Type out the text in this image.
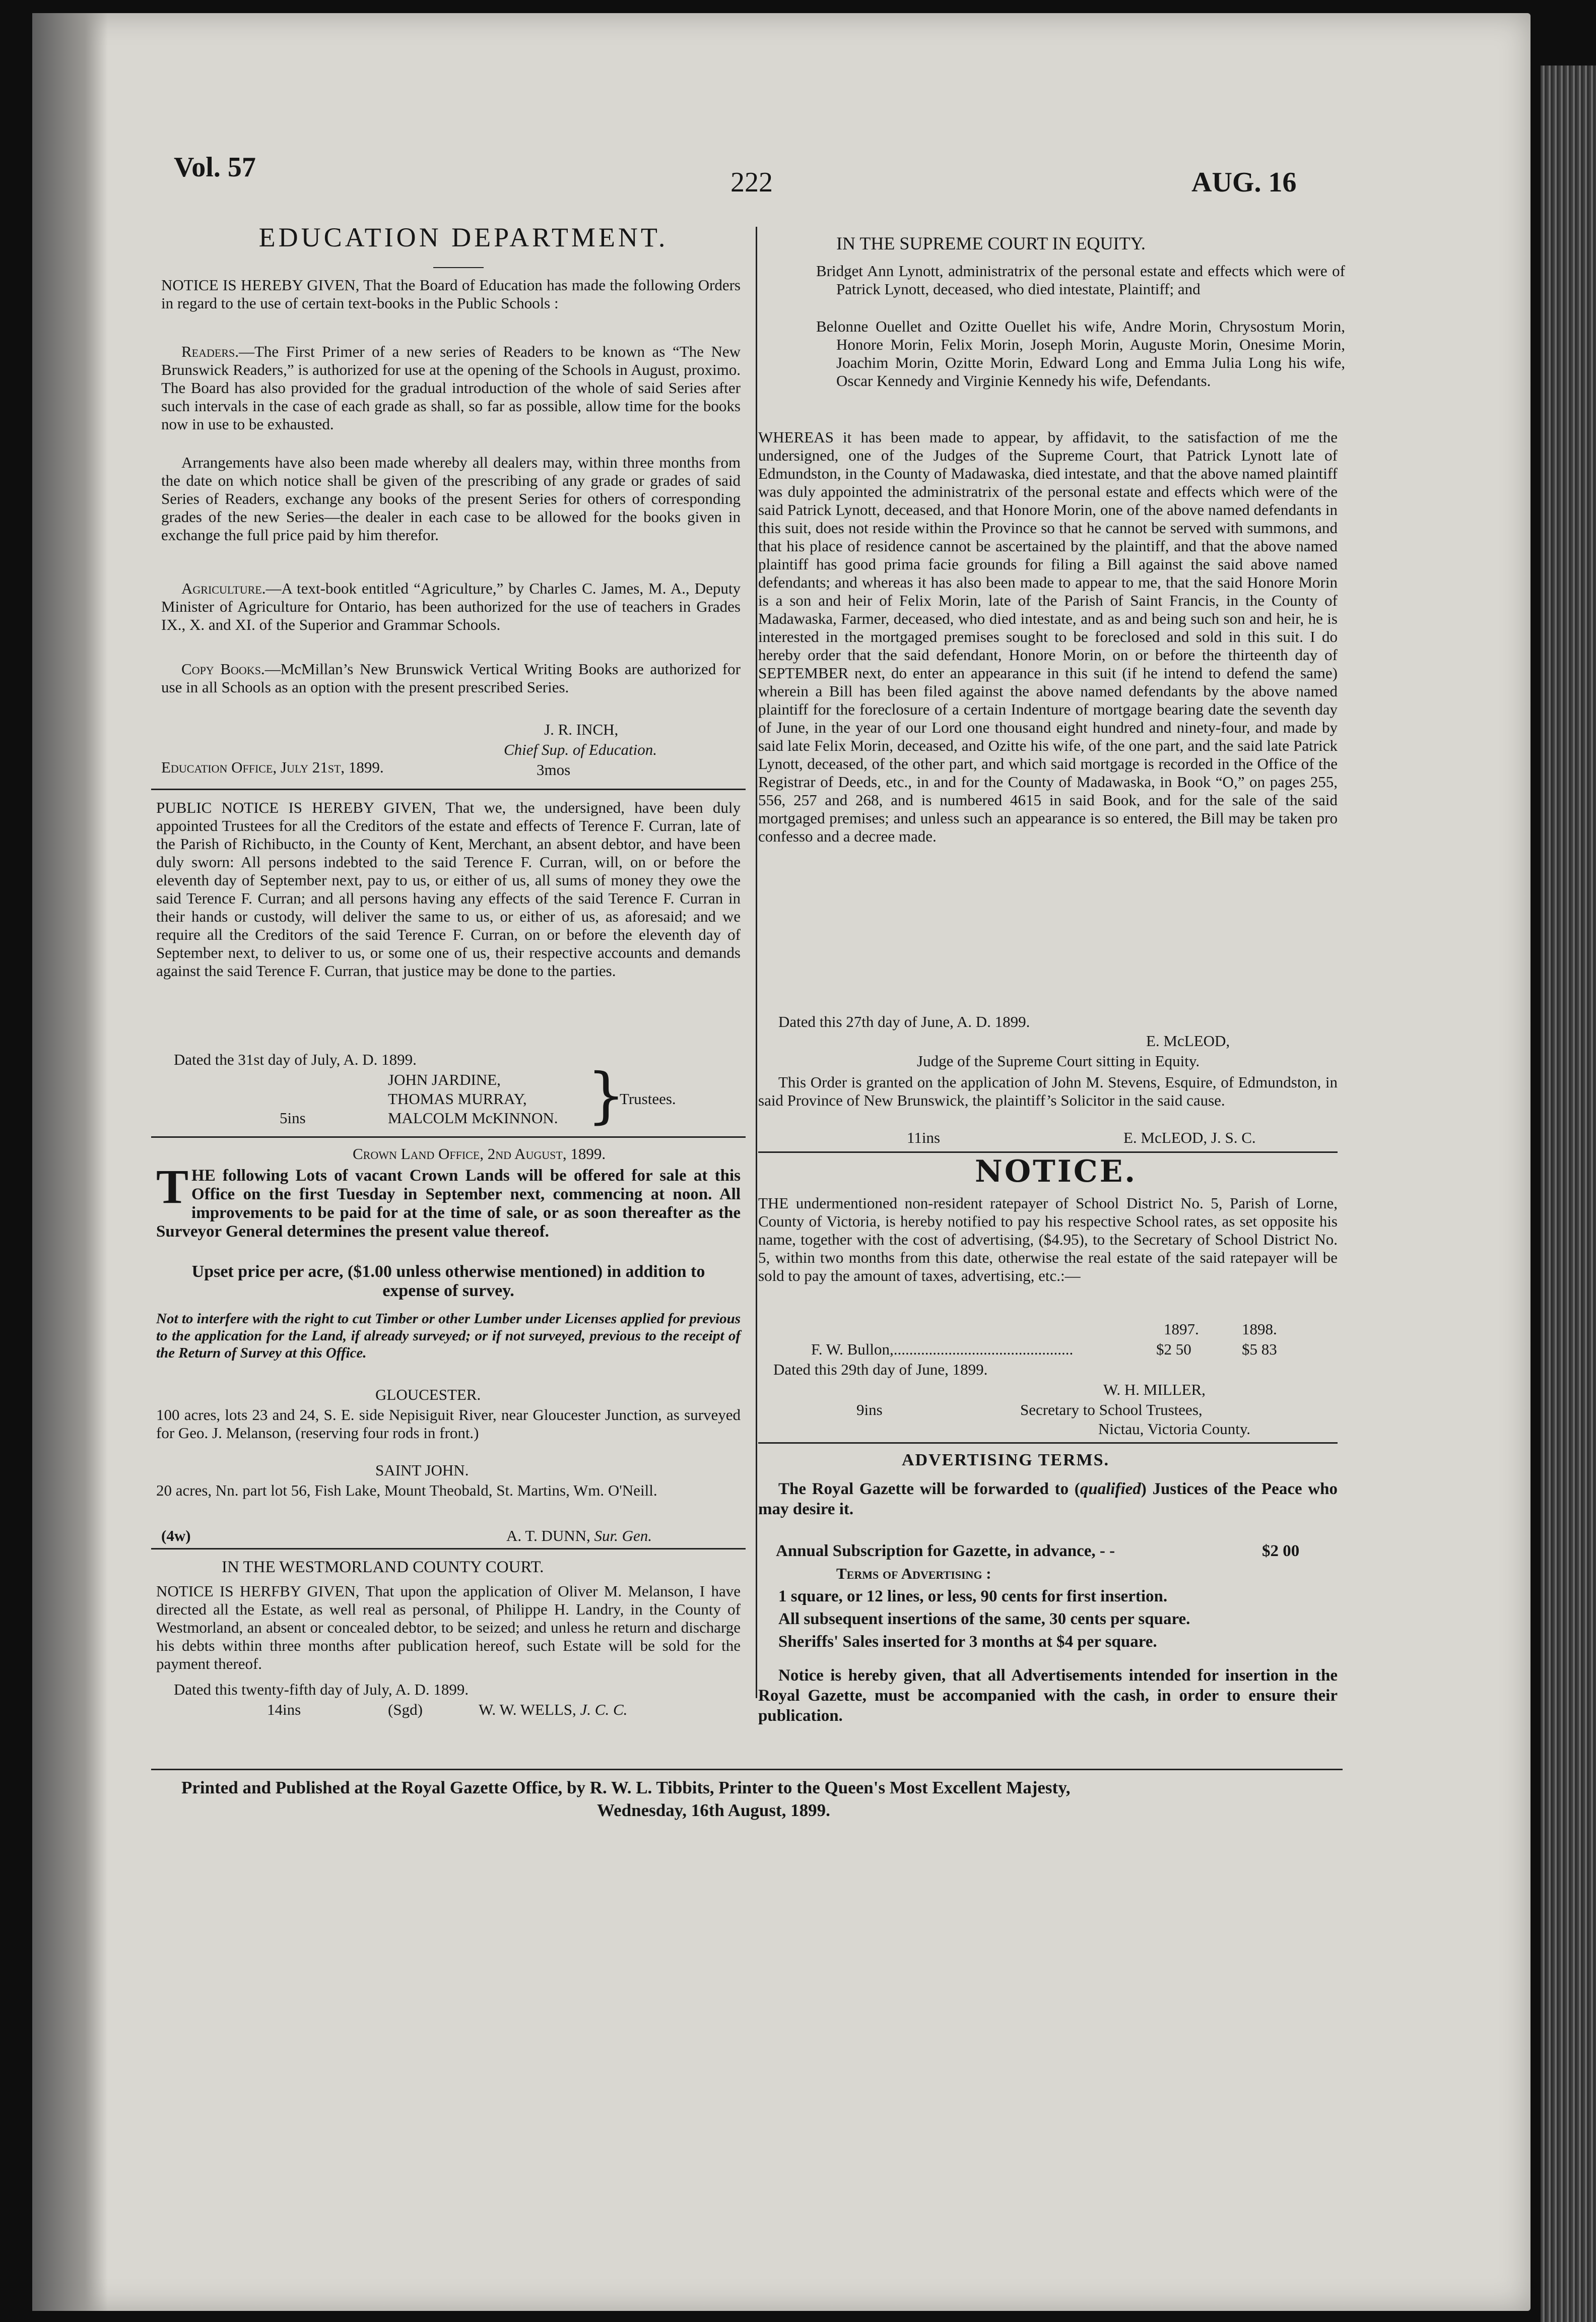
Vol. 57	222	AUG. 16
EDUCATION DEPARTMENT.
NOTICE IS HEREBY GIVEN, That the Board of Education has made the following Orders in regard to the use of certain text-books in the Public Schools :
Readers.—The First Primer of a new series of Readers to be known as “The New Brunswick Readers,” is authorized for use at the opening of the Schools in August, proximo. The Board has also provided for the gradual introduction of the whole of said Series after such intervals in the case of each grade as shall, so far as possible, allow time for the books now in use to be exhausted.
Arrangements have also been made whereby all dealers may, within three months from the date on which notice shall be given of the prescribing of any grade or grades of said Series of Readers, exchange any books of the present Series for others of corresponding grades of the new Series—the dealer in each case to be allowed for the books given in exchange the full price paid by him therefor.
Agriculture.—A text-book entitled “Agriculture,” by Charles C. James, M. A., Deputy Minister of Agriculture for Ontario, has been authorized for the use of teachers in Grades IX., X. and XI. of the Superior and Grammar Schools.
Copy Books.—McMillan’s New Brunswick Vertical Writing Books are authorized for use in all Schools as an option with the present prescribed Series.
J. R. INCH,
Chief Sup. of Education.
Education Office, July 21st, 1899.	3mos
PUBLIC NOTICE IS HEREBY GIVEN, That we, the undersigned, have been duly appointed Trustees for all the Creditors of the estate and effects of Terence F. Curran, late of the Parish of Richibucto, in the County of Kent, Merchant, an absent debtor, and have been duly sworn: All persons indebted to the said Terence F. Curran, will, on or before the eleventh day of September next, pay to us, or either of us, all sums of money they owe the said Terence F. Curran; and all persons having any effects of the said Terence F. Curran in their hands or custody, will deliver the same to us, or either of us, as aforesaid; and we require all the Creditors of the said Terence F. Curran, on or before the eleventh day of September next, to deliver to us, or some one of us, their respective accounts and demands against the said Terence F. Curran, that justice may be done to the parties.
Dated the 31st day of July, A. D. 1899.
JOHN JARDINE,
THOMAS MURRAY,
MALCOLM McKINNON. }
Trustees.
5ins
Crown Land Office, 2nd August, 1899.
THE following Lots of vacant Crown Lands will be offered for sale at this Office on the first Tuesday in September next, commencing at noon. All improvements to be paid for at the time of sale, or as soon thereafter as the Surveyor General determines the present value thereof.
Upset price per acre, ($1.00 unless otherwise mentioned) in addition to expense of survey.
Not to interfere with the right to cut Timber or other Lumber under Licenses applied for previous to the application for the Land, if already surveyed; or if not surveyed, previous to the receipt of the Return of Survey at this Office.
GLOUCESTER.
100 acres, lots 23 and 24, S. E. side Nepisiguit River, near Gloucester Junction, as surveyed for Geo. J. Melanson, (reserving four rods in front.)
SAINT JOHN.
20 acres, Nn. part lot 56, Fish Lake, Mount Theobald, St. Martins, Wm. O'Neill.
(4w)	A. T. DUNN, Sur. Gen.
IN THE WESTMORLAND COUNTY COURT.
NOTICE IS HERFBY GIVEN, That upon the application of Oliver M. Melanson, I have directed all the Estate, as well real as personal, of Philippe H. Landry, in the County of Westmorland, an absent or concealed debtor, to be seized; and unless he return and discharge his debts within three months after publication hereof, such Estate will be sold for the payment thereof.
Dated this twenty-fifth day of July, A. D. 1899.
14ins	(Sgd)	W. W. WELLS, J. C. C.
IN THE SUPREME COURT IN EQUITY.
Bridget Ann Lynott, administratrix of the personal estate and effects which were of Patrick Lynott, deceased, who died intestate, Plaintiff; and
Belonne Ouellet and Ozitte Ouellet his wife, Andre Morin, Chrysostum Morin, Honore Morin, Felix Morin, Joseph Morin, Auguste Morin, Onesime Morin, Joachim Morin, Ozitte Morin, Edward Long and Emma Julia Long his wife, Oscar Kennedy and Virginie Kennedy his wife, Defendants.
WHEREAS it has been made to appear, by affidavit, to the satisfaction of me the undersigned, one of the Judges of the Supreme Court, that Patrick Lynott late of Edmundston, in the County of Madawaska, died intestate, and that the above named plaintiff was duly appointed the administratrix of the personal estate and effects which were of the said Patrick Lynott, deceased, and that Honore Morin, one of the above named defendants in this suit, does not reside within the Province so that he cannot be served with summons, and that his place of residence cannot be ascertained by the plaintiff, and that the above named plaintiff has good prima facie grounds for filing a Bill against the said above named defendants; and whereas it has also been made to appear to me, that the said Honore Morin is a son and heir of Felix Morin, late of the Parish of Saint Francis, in the County of Madawaska, Farmer, deceased, who died intestate, and as and being such son and heir, he is interested in the mortgaged premises sought to be foreclosed and sold in this suit. I do hereby order that the said defendant, Honore Morin, on or before the thirteenth day of SEPTEMBER next, do enter an appearance in this suit (if he intend to defend the same) wherein a Bill has been filed against the above named defendants by the above named plaintiff for the foreclosure of a certain Indenture of mortgage bearing date the seventh day of June, in the year of our Lord one thousand eight hundred and ninety-four, and made by said late Felix Morin, deceased, and Ozitte his wife, of the one part, and the said late Patrick Lynott, deceased, of the other part, and which said mortgage is recorded in the Office of the Registrar of Deeds, etc., in and for the County of Madawaska, in Book “O,” on pages 255, 556, 257 and 268, and is numbered 4615 in said Book, and for the sale of the said mortgaged premises; and unless such an appearance is so entered, the Bill may be taken pro confesso and a decree made.
Dated this 27th day of June, A. D. 1899.
E. McLEOD,
Judge of the Supreme Court sitting in Equity.
This Order is granted on the application of John M. Stevens, Esquire, of Edmundston, in said Province of New Brunswick, the plaintiff’s Solicitor in the said cause.
11ins	E. McLEOD, J. S. C.
NOTICE.
THE undermentioned non-resident ratepayer of School District No. 5, Parish of Lorne, County of Victoria, is hereby notified to pay his respective School rates, as set opposite his name, together with the cost of advertising, ($4.95), to the Secretary of School District No. 5, within two months from this date, otherwise the real estate of the said ratepayer will be sold to pay the amount of taxes, advertising, etc.:—
1897.	1898.
F. W. Bullon,..............................................	$2 50	$5 83
Dated this 29th day of June, 1899.
W. H. MILLER,
9ins	Secretary to School Trustees,
Nictau, Victoria County.
ADVERTISING TERMS.
The Royal Gazette will be forwarded to (qualified) Justices of the Peace who may desire it.
Annual Subscription for Gazette, in advance, - -	$2 00
Terms of Advertising :
1 square, or 12 lines, or less, 90 cents for first insertion.
All subsequent insertions of the same, 30 cents per square.
Sheriffs' Sales inserted for 3 months at $4 per square.
Notice is hereby given, that all Advertisements intended for insertion in the Royal Gazette, must be accompanied with the cash, in order to ensure their publication.
Printed and Published at the Royal Gazette Office, by R. W. L. Tibbits, Printer to the Queen's Most Excellent Majesty,
Wednesday, 16th August, 1899.
